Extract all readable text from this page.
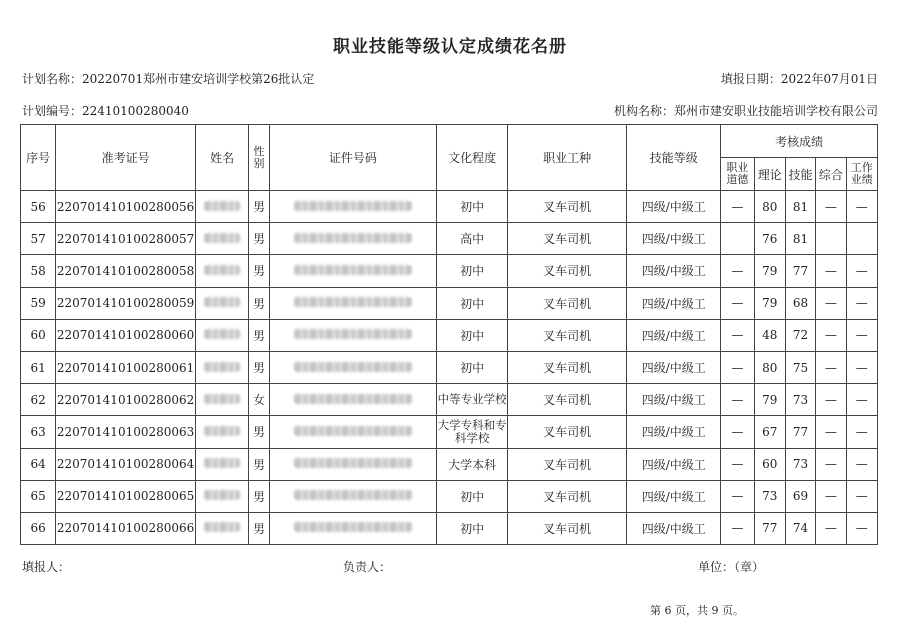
职业技能等级认定成绩花名册
计划名称：20220701郑州市建安培训学校第26批认定	填报日期：2022年07月01日
计划编号：22410100280040	机构名称：郑州市建安职业技能培训学校有限公司
序号	准考证号	姓名	性别	证件号码	文化程度	职业工种	技能等级	考核成绩				
								职业道德	理论	技能	综合	工作业绩
56	220701410100280056		男		初中	叉车司机	四级/中级工	—	80	81	—	—
57	220701410100280057		男		高中	叉车司机	四级/中级工		76	81		
58	220701410100280058		男		初中	叉车司机	四级/中级工	—	79	77	—	—
59	220701410100280059		男		初中	叉车司机	四级/中级工	—	79	68	—	—
60	220701410100280060		男		初中	叉车司机	四级/中级工	—	48	72	—	—
61	220701410100280061		男		初中	叉车司机	四级/中级工	—	80	75	—	—
62	220701410100280062		女		中等专业学校	叉车司机	四级/中级工	—	79	73	—	—
63	220701410100280063		男		大学专科和专科学校	叉车司机	四级/中级工	—	67	77	—	—
64	220701410100280064		男		大学本科	叉车司机	四级/中级工	—	60	73	—	—
65	220701410100280065		男		初中	叉车司机	四级/中级工	—	73	69	—	—
66	220701410100280066		男		初中	叉车司机	四级/中级工	—	77	74	—	—
填报人：	负责人：	单位：（章）
第 6 页，共 9 页。
